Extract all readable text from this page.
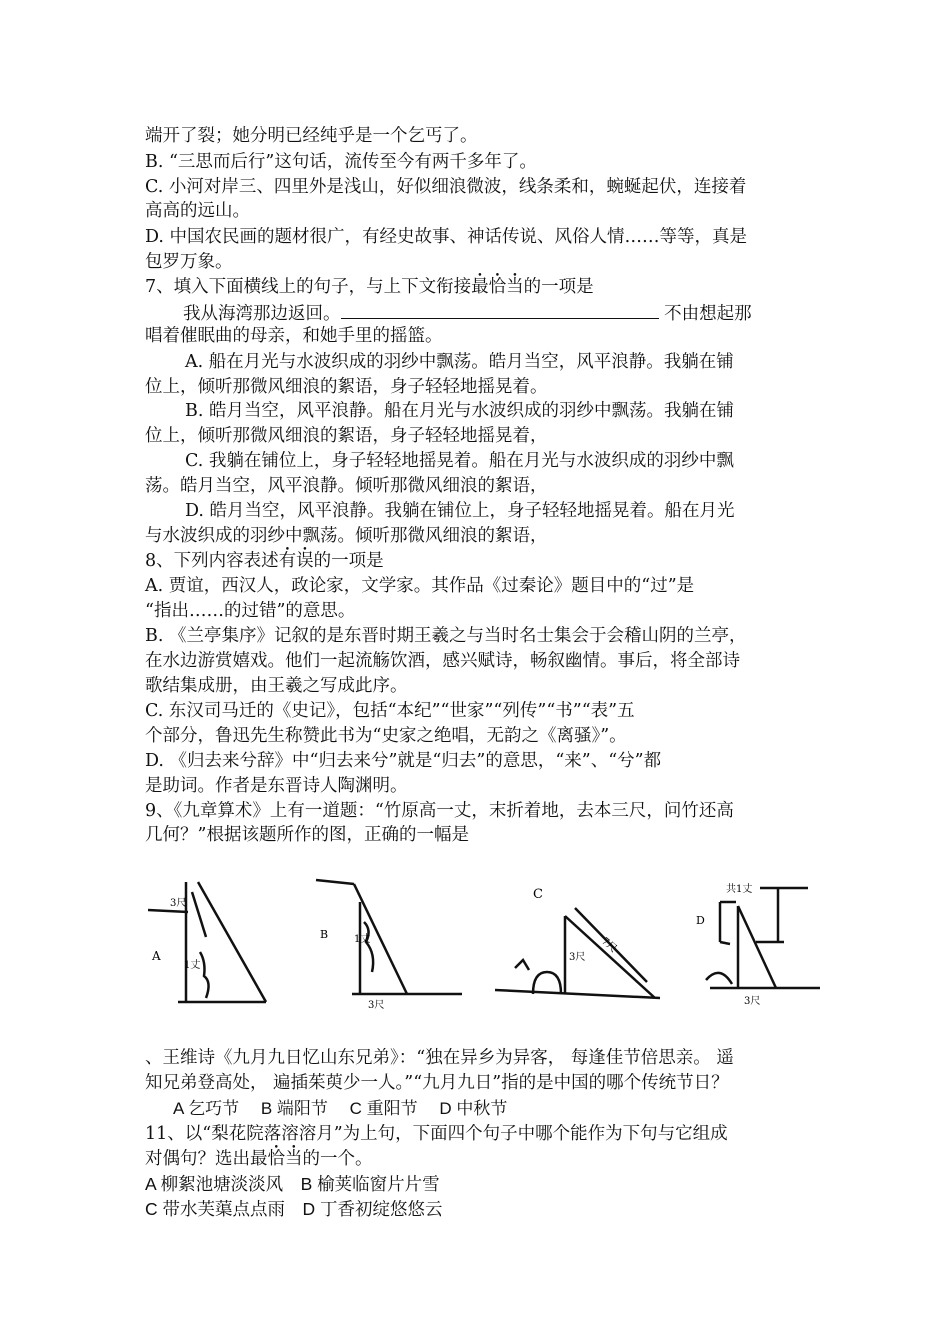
端开了裂；她分明已经纯乎是一个乞丐了。
B. “三思而后行”这句话，流传至今有两千多年了。
C. 小河对岸三、四里外是浅山，好似细浪微波，线条柔和，蜿蜒起伏，连接着
高高的远山。
D. 中国农民画的题材很广，有经史故事、神话传说、风俗人情……等等，真是
包罗万象。
7、填入下面横线上的句子，与上下文衔接最恰当的一项是
我从海湾那边返回。	不由想起那
唱着催眠曲的母亲，和她手里的摇篮。
A. 船在月光与水波织成的羽纱中飘荡。皓月当空，风平浪静。我躺在铺
位上，倾听那微风细浪的絮语，身子轻轻地摇晃着。
B. 皓月当空，风平浪静。船在月光与水波织成的羽纱中飘荡。我躺在铺
位上，倾听那微风细浪的絮语，身子轻轻地摇晃着，
C. 我躺在铺位上，身子轻轻地摇晃着。船在月光与水波织成的羽纱中飘
荡。皓月当空，风平浪静。倾听那微风细浪的絮语，
D. 皓月当空，风平浪静。我躺在铺位上，身子轻轻地摇晃着。船在月光
与水波织成的羽纱中飘荡。倾听那微风细浪的絮语，
8、下列内容表述有误的一项是
A. 贾谊，西汉人，政论家，文学家。其作品《过秦论》题目中的“过”是
“指出……的过错”的意思。
B. 《兰亭集序》记叙的是东晋时期王羲之与当时名士集会于会稽山阴的兰亭，
在水边游赏嬉戏。他们一起流觞饮酒，感兴赋诗，畅叙幽情。事后，将全部诗
歌结集成册，由王羲之写成此序。
C. 东汉司马迁的《史记》，包括“本纪”“世家”“列传”“书”“表”五
个部分，鲁迅先生称赞此书为“史家之绝唱，无韵之《离骚》”。
D. 《归去来兮辞》中“归去来兮”就是“归去”的意思，“来”、“兮”都
是助词。作者是东晋诗人陶渊明。
9、《九章算术》上有一道题：“竹原高一丈，末折着地，去本三尺，问竹还高
几何？”根据该题所作的图，正确的一幅是
3尺
1丈
A
B	1丈
3尺
C
7尺
3尺
D
共1丈
3尺
、王维诗《九月九日忆山东兄弟》：“独在异乡为异客， 每逢佳节倍思亲。 遥
知兄弟登高处， 遍插茱萸少一人。”“九月九日”指的是中国的哪个传统节日？
A 乞巧节　 B 端阳节　 C 重阳节　 D 中秋节
11、以“梨花院落溶溶月”为上句，下面四个句子中哪个能作为下句与它组成
对偶句？选出最恰当的一个。
A 柳絮池塘淡淡风　B 榆荚临窗片片雪
C 带水芙蕖点点雨　D 丁香初绽悠悠云
